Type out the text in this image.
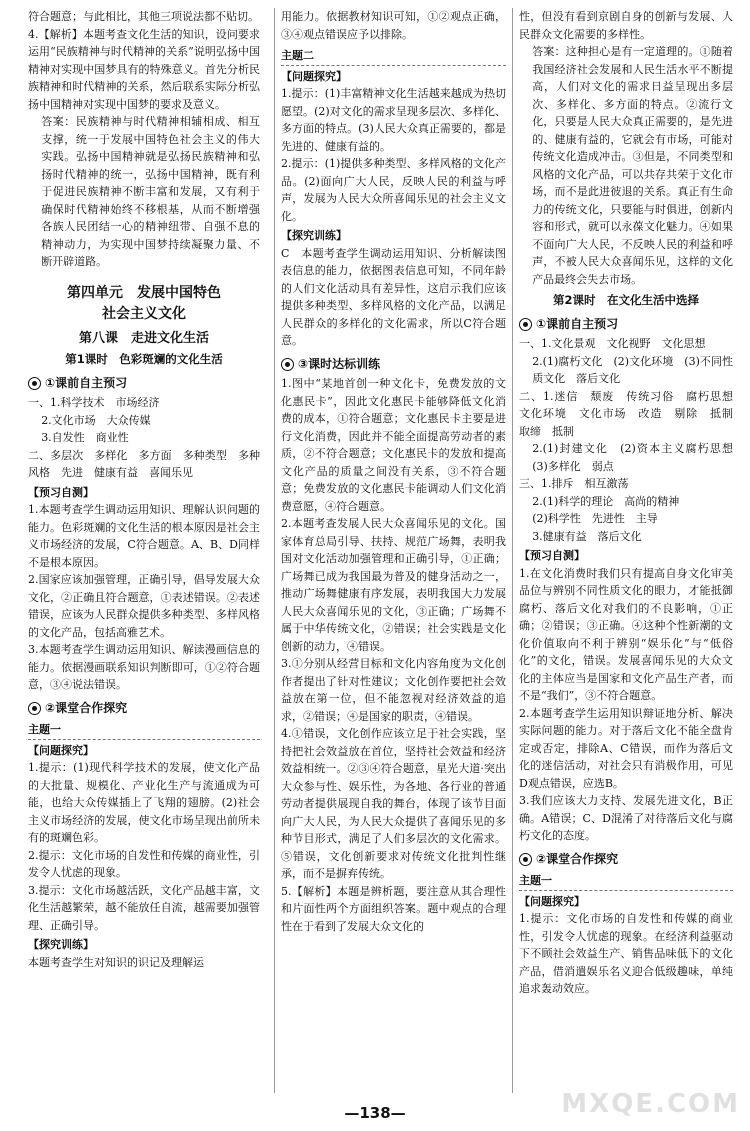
符合题意；与此相比，其他三项说法都不贴切。

4.【解析】本题考查文化生活的知识，设问要求运用“民族精神与时代精神的关系”说明弘扬中国精神对实现中国梦具有的特殊意义。首先分析民族精神和时代精神的关系，然后联系实际分析弘扬中国精神对实现中国梦的要求及意义。

答案：民族精神与时代精神相辅相成、相互支撑，统一于发展中国特色社会主义的伟大实践。弘扬中国精神就是弘扬民族精神和弘扬时代精神的统一，弘扬中国精神，既有利于促进民族精神不断丰富和发展，又有利于确保时代精神始终不移根基，从而不断增强各族人民团结一心的精神纽带、自强不息的精神动力，为实现中国梦持续凝聚力量、不断开辟道路。

第四单元　发展中国特色
社会主义文化
第八课　走进文化生活
第1课时　色彩斑斓的文化生活
①课前自主预习

一、1.科学技术　市场经济

2.文化市场　大众传媒

3.自发性　商业性

二、多层次　多样化　多方面　多种类型　多种风格　先进　健康有益　喜闻乐见

【预习自测】

1.本题考查学生调动运用知识、理解认识问题的能力。色彩斑斓的文化生活的根本原因是社会主义市场经济的发展，C符合题意。A、B、D同样不是根本原因。

2.国家应该加强管理，正确引导，倡导发展大众文化，②正确且符合题意，①表述错误。②表述错误，应该为人民群众提供多种类型、多样风格的文化产品，包括高雅艺术。

3.本题考查学生调动运用知识、解读漫画信息的能力。依据漫画联系知识判断即可，①②符合题意，③④说法错误。

②课堂合作探究
主题一
【问题探究】

1.提示：(1)现代科学技术的发展，使文化产品的大批量、规模化、产业化生产与流通成为可能，也给大众传媒插上了飞翔的翅膀。(2)社会主义市场经济的发展，使文化市场呈现出前所未有的斑斓色彩。

2.提示：文化市场的自发性和传媒的商业性，引发令人忧虑的现象。

3.提示：文化市场越活跃，文化产品越丰富，文化生活越繁荣，越不能放任自流，越需要加强管理、正确引导。

【探究训练】

本题考查学生对知识的识记及理解运

用能力。依据教材知识可知，①②观点正确，③④观点错误应予以排除。

主题二
【问题探究】

1.提示：(1)丰富精神文化生活越来越成为热切愿望。(2)对文化的需求呈现多层次、多样化、多方面的特点。(3)人民大众真正需要的，都是先进的、健康有益的。

2.提示：(1)提供多种类型、多样风格的文化产品。(2)面向广大人民，反映人民的利益与呼声，发展为人民大众所喜闻乐见的社会主义文化。

【探究训练】

C　本题考查学生调动运用知识、分析解读图表信息的能力，依据图表信息可知，不同年龄的人们文化活动具有差异性，这启示我们应该提供多种类型、多样风格的文化产品，以满足人民群众的多样化的文化需求，所以C符合题意。

③课时达标训练

1.图中“某地首创一种文化卡，免费发放的文化惠民卡”，因此文化惠民卡能够降低文化消费的成本，①符合题意；文化惠民卡主要是进行文化消费，因此并不能全面提高劳动者的素质，②不符合题意；文化惠民卡的发放和提高文化产品的质量之间没有关系，③不符合题意；免费发放的文化惠民卡能调动人们文化消费意愿，④符合题意。

2.本题考查发展人民大众喜闻乐见的文化。国家体育总局引导、扶持、规范广场舞，表明我国对文化活动加强管理和正确引导，①正确；广场舞已成为我国最为普及的健身活动之一，推动广场舞健康有序发展，表明我国大力发展人民大众喜闻乐见的文化，③正确；广场舞不属于中华传统文化，②错误；社会实践是文化创新的动力，④错误。

3.①分别从经营目标和文化内容角度为文化创作者提出了针对性建议；文化创作要把社会效益放在第一位，但不能忽视对经济效益的追求，②错误；④是国家的职责，④错误。

4.①错误，文化创作应该立足于社会实践，坚持把社会效益放在首位，坚持社会效益和经济效益相统一。②③④符合题意，星光大道·突出大众参与性、娱乐性，为各地、各行业的普通劳动者提供展现自我的舞台，体现了该节目面向广大人民，为人民大众提供了喜闻乐见的多种节目形式，满足了人们多层次的文化需求。⑤错误，文化创新要求对传统文化批判性继承，而不是摒弃传统。

5.【解析】本题是辨析题，要注意从其合理性和片面性两个方面组织答案。题中观点的合理性在于看到了发展大众文化的

性，但没有看到京剧自身的创新与发展、人民群众文化需要的多样性。

答案：这种担心是有一定道理的。①随着我国经济社会发展和人民生活水平不断提高，人们对文化的需求日益呈现出多层次、多样化、多方面的特点。②流行文化，只要是人民大众真正需要的，是先进的、健康有益的，它就会有市场，可能对传统文化造成冲击。③但是，不同类型和风格的文化产品，可以共存共荣于文化市场，而不是此进彼退的关系。真正有生命力的传统文化，只要能与时俱进，创新内容和形式，就可以永葆文化魅力。④如果不面向广大人民，不反映人民的利益和呼声，不被人民大众喜闻乐见，这样的文化产品最终会失去市场。

第2课时　在文化生活中选择
①课前自主预习

一、1.文化景观　文化视野　文化思想

2.(1)腐朽文化　(2)文化环境　(3)不同性质文化　落后文化

二、1.迷信　颓废　传统习俗　腐朽思想　文化环境　文化市场　改造　剔除　抵制　取缔　抵制

2.(1)封建文化　(2)资本主义腐朽思想　(3)多样化　弱点

三、1.排斥　相互激荡

2.(1)科学的理论　高尚的精神

(2)科学性　先进性　主导

3.健康有益　落后文化

【预习自测】

1.在文化消费时我们只有提高自身文化审美品位与辨别不同性质文化的眼力，才能抵御腐朽、落后文化对我们的不良影响，①正确；②错误；③正确。④这种个性新潮的文化价值取向不利于辨别“娱乐化”与“低俗化”的文化，错误。发展喜闻乐见的大众文化的主体应当是国家和文化产品生产者，而不是“我们”，③不符合题意。

2.本题考查学生运用知识辩证地分析、解决实际问题的能力。对于落后文化不能全盘肯定或否定，排除A、C错误，而作为落后文化的迷信活动，对社会只有消极作用，可见D观点错误，应选B。

3.我们应该大力支持、发展先进文化，B正确。A错误；C、D混淆了对待落后文化与腐朽文化的态度。

②课堂合作探究
主题一
【问题探究】

1.提示：文化市场的自发性和传媒的商业性，引发令人忧虑的现象。在经济利益驱动下不顾社会效益生产、销售品味低下的文化产品，借消遣娱乐名义迎合低级趣味，单纯追求轰动效应。

—138—	MXQE.COM
